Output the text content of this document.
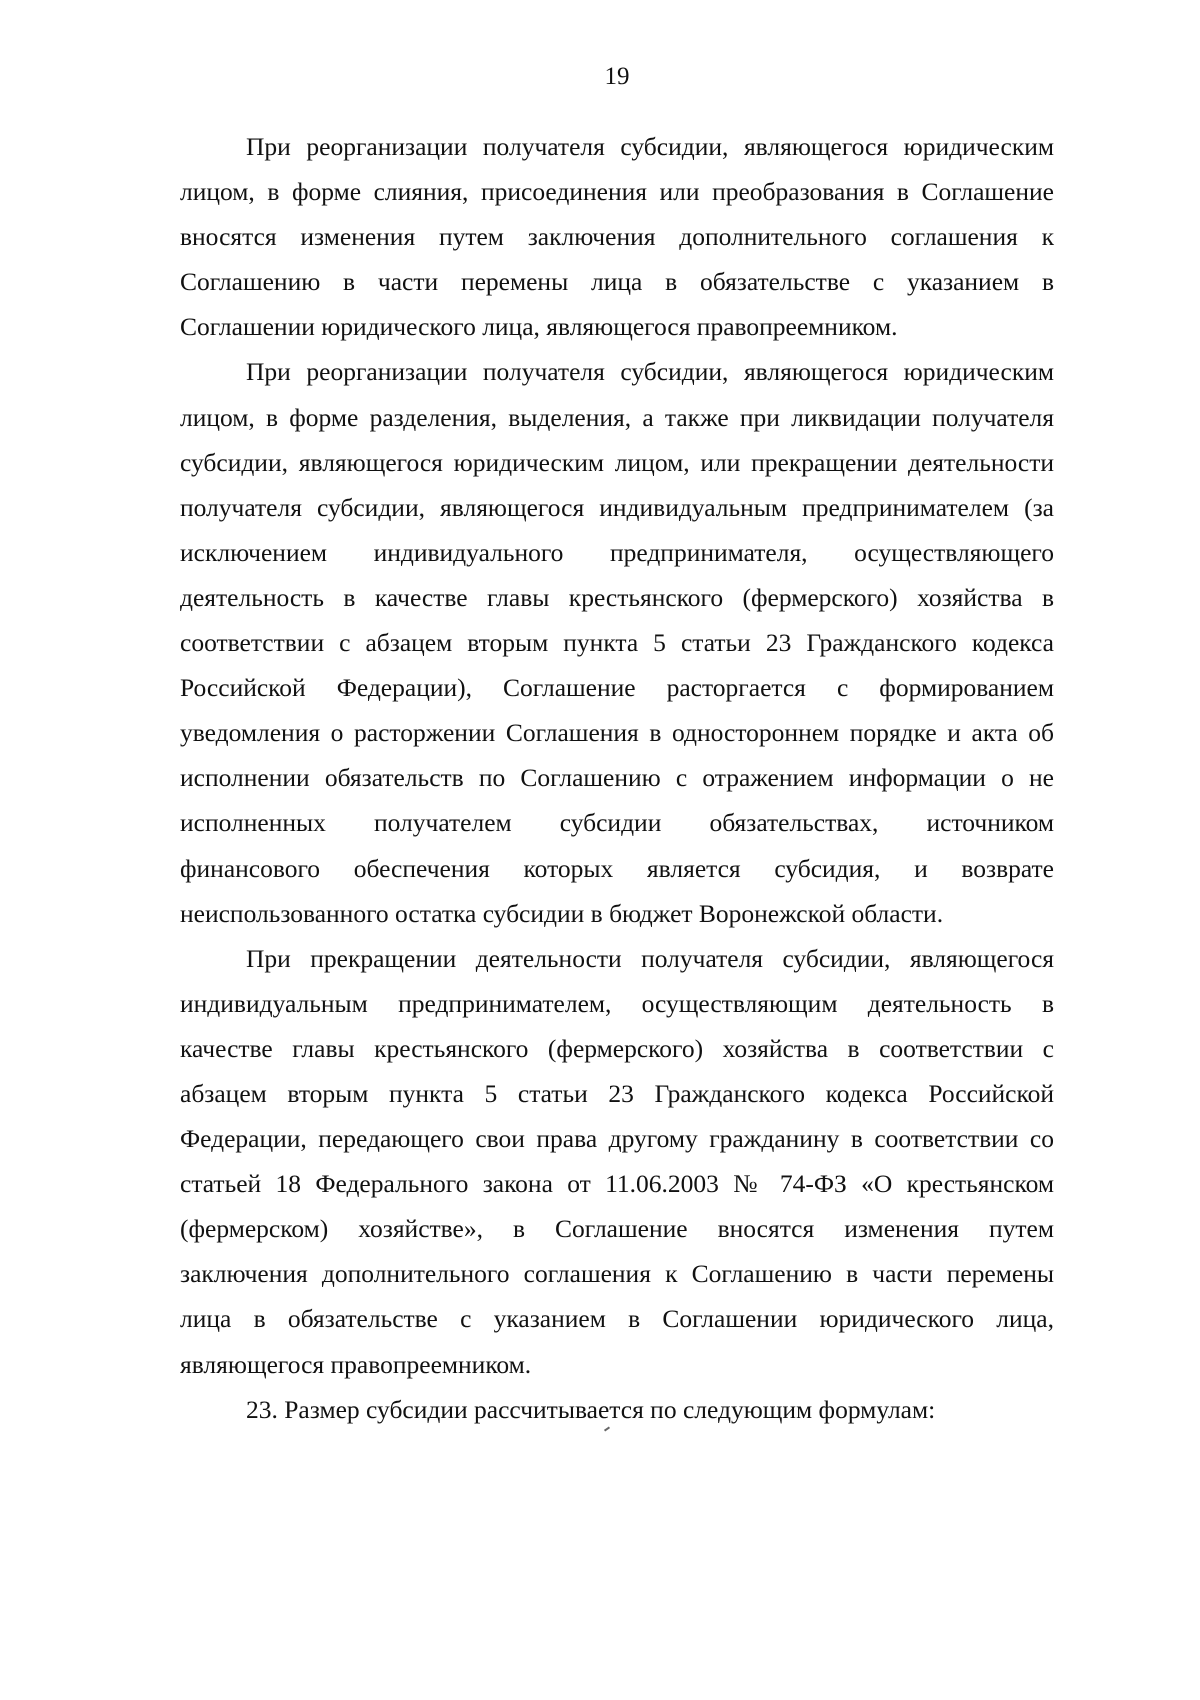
19
При реорганизации получателя субсидии, являющегося юридическим
лицом, в форме слияния, присоединения или преобразования в Соглашение
вносятся изменения путем заключения дополнительного соглашения к
Соглашению в части перемены лица в обязательстве с указанием в
Соглашении юридического лица, являющегося правопреемником.
При реорганизации получателя субсидии, являющегося юридическим
лицом, в форме разделения, выделения, а также при ликвидации получателя
субсидии, являющегося юридическим лицом, или прекращении деятельности
получателя субсидии, являющегося индивидуальным предпринимателем (за
исключением индивидуального предпринимателя, осуществляющего
деятельность в качестве главы крестьянского (фермерского) хозяйства в
соответствии с абзацем вторым пункта 5 статьи 23 Гражданского кодекса
Российской Федерации), Соглашение расторгается с формированием
уведомления о расторжении Соглашения в одностороннем порядке и акта об
исполнении обязательств по Соглашению с отражением информации о не
исполненных получателем субсидии обязательствах, источником
финансового обеспечения которых является субсидия, и возврате
неиспользованного остатка субсидии в бюджет Воронежской области.
При прекращении деятельности получателя субсидии, являющегося
индивидуальным предпринимателем, осуществляющим деятельность в
качестве главы крестьянского (фермерского) хозяйства в соответствии с
абзацем вторым пункта 5 статьи 23 Гражданского кодекса Российской
Федерации, передающего свои права другому гражданину в соответствии со
статьей 18 Федерального закона от 11.06.2003 № 74-ФЗ «О крестьянском
(фермерском) хозяйстве», в Соглашение вносятся изменения путем
заключения дополнительного соглашения к Соглашению в части перемены
лица в обязательстве с указанием в Соглашении юридического лица,
являющегося правопреемником.
23. Размер субсидии рассчитывается по следующим формулам:
